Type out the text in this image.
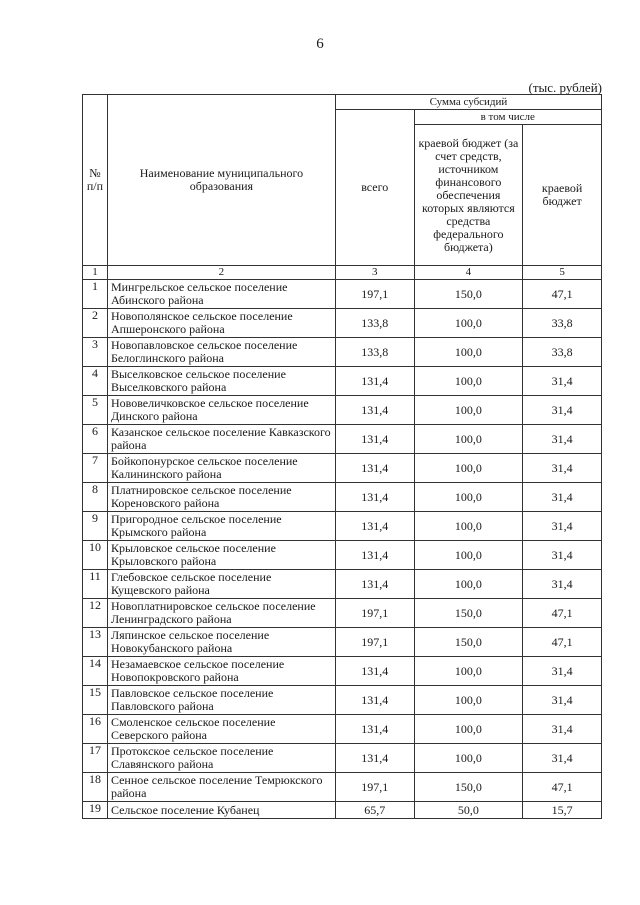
6
(тыс. рублей)
№ п/п	Наименование муниципального образования	Сумма субсидий		
		всего	в том числе	
			краевой бюджет (за счет средств, источником финансового обеспечения которых являются средства федерального бюджета)	краевой бюджет
1	2	3	4	5
1	Мингрельское сельское поселение Абинского района	197,1	150,0	47,1
2	Новополянское сельское поселение Апшеронского района	133,8	100,0	33,8
3	Новопавловское сельское поселение Белоглинского района	133,8	100,0	33,8
4	Выселковское сельское поселение Выселковского района	131,4	100,0	31,4
5	Нововеличковское сельское поселение Динского района	131,4	100,0	31,4
6	Казанское сельское поселение Кавказского района	131,4	100,0	31,4
7	Бойкопонурское сельское поселение Калининского района	131,4	100,0	31,4
8	Платнировское сельское поселение Кореновского района	131,4	100,0	31,4
9	Пригородное сельское поселение Крымского района	131,4	100,0	31,4
10	Крыловское сельское поселение Крыловского района	131,4	100,0	31,4
11	Глебовское сельское поселение Кущевского района	131,4	100,0	31,4
12	Новоплатнировское сельское поселение Ленинградского района	197,1	150,0	47,1
13	Ляпинское сельское поселение Новокубанского района	197,1	150,0	47,1
14	Незамаевское сельское поселение Новопокровского района	131,4	100,0	31,4
15	Павловское сельское поселение Павловского района	131,4	100,0	31,4
16	Смоленское сельское поселение Северского района	131,4	100,0	31,4
17	Протокское сельское поселение Славянского района	131,4	100,0	31,4
18	Сенное сельское поселение Темрюкского района	197,1	150,0	47,1
19	Сельское поселение Кубанец	65,7	50,0	15,7
